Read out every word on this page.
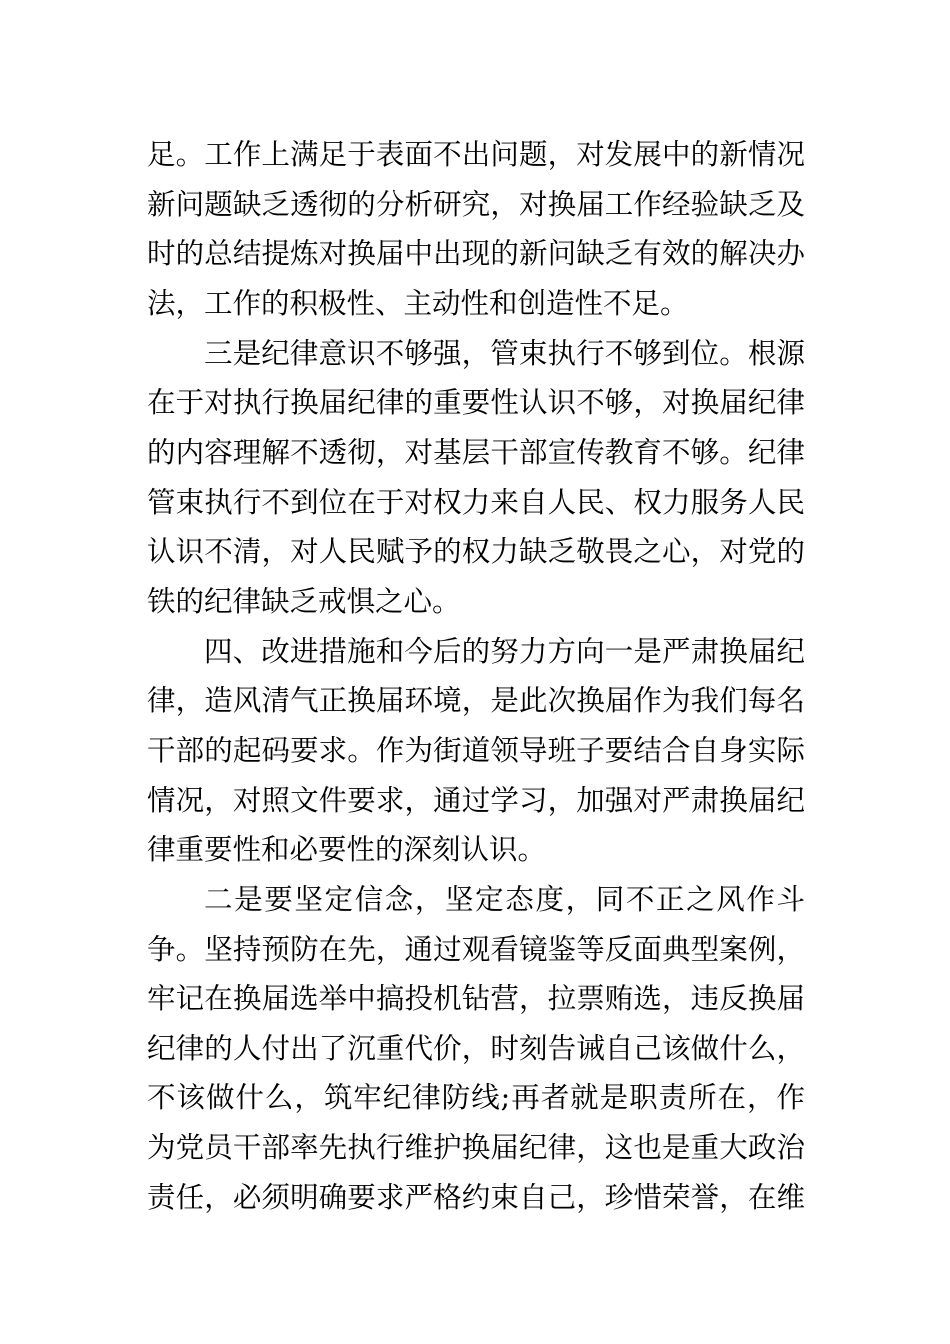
足。工作上满足于表面不出问题，对发展中的新情况
新问题缺乏透彻的分析研究，对换届工作经验缺乏及
时的总结提炼对换届中出现的新问缺乏有效的解决办
法，工作的积极性、主动性和创造性不足。
三是纪律意识不够强，管束执行不够到位。根源
在于对执行换届纪律的重要性认识不够，对换届纪律
的内容理解不透彻，对基层干部宣传教育不够。纪律
管束执行不到位在于对权力来自人民、权力服务人民
认识不清，对人民赋予的权力缺乏敬畏之心，对党的
铁的纪律缺乏戒惧之心。
四、改进措施和今后的努力方向一是严肃换届纪
律，造风清气正换届环境，是此次换届作为我们每名
干部的起码要求。作为街道领导班子要结合自身实际
情况，对照文件要求，通过学习，加强对严肃换届纪
律重要性和必要性的深刻认识。
二是要坚定信念，坚定态度，同不正之风作斗
争。坚持预防在先，通过观看镜鉴等反面典型案例，
牢记在换届选举中搞投机钻营，拉票贿选，违反换届
纪律的人付出了沉重代价，时刻告诫自己该做什么，
不该做什么，筑牢纪律防线;再者就是职责所在，作
为党员干部率先执行维护换届纪律，这也是重大政治
责任，必须明确要求严格约束自己，珍惜荣誉，在维
